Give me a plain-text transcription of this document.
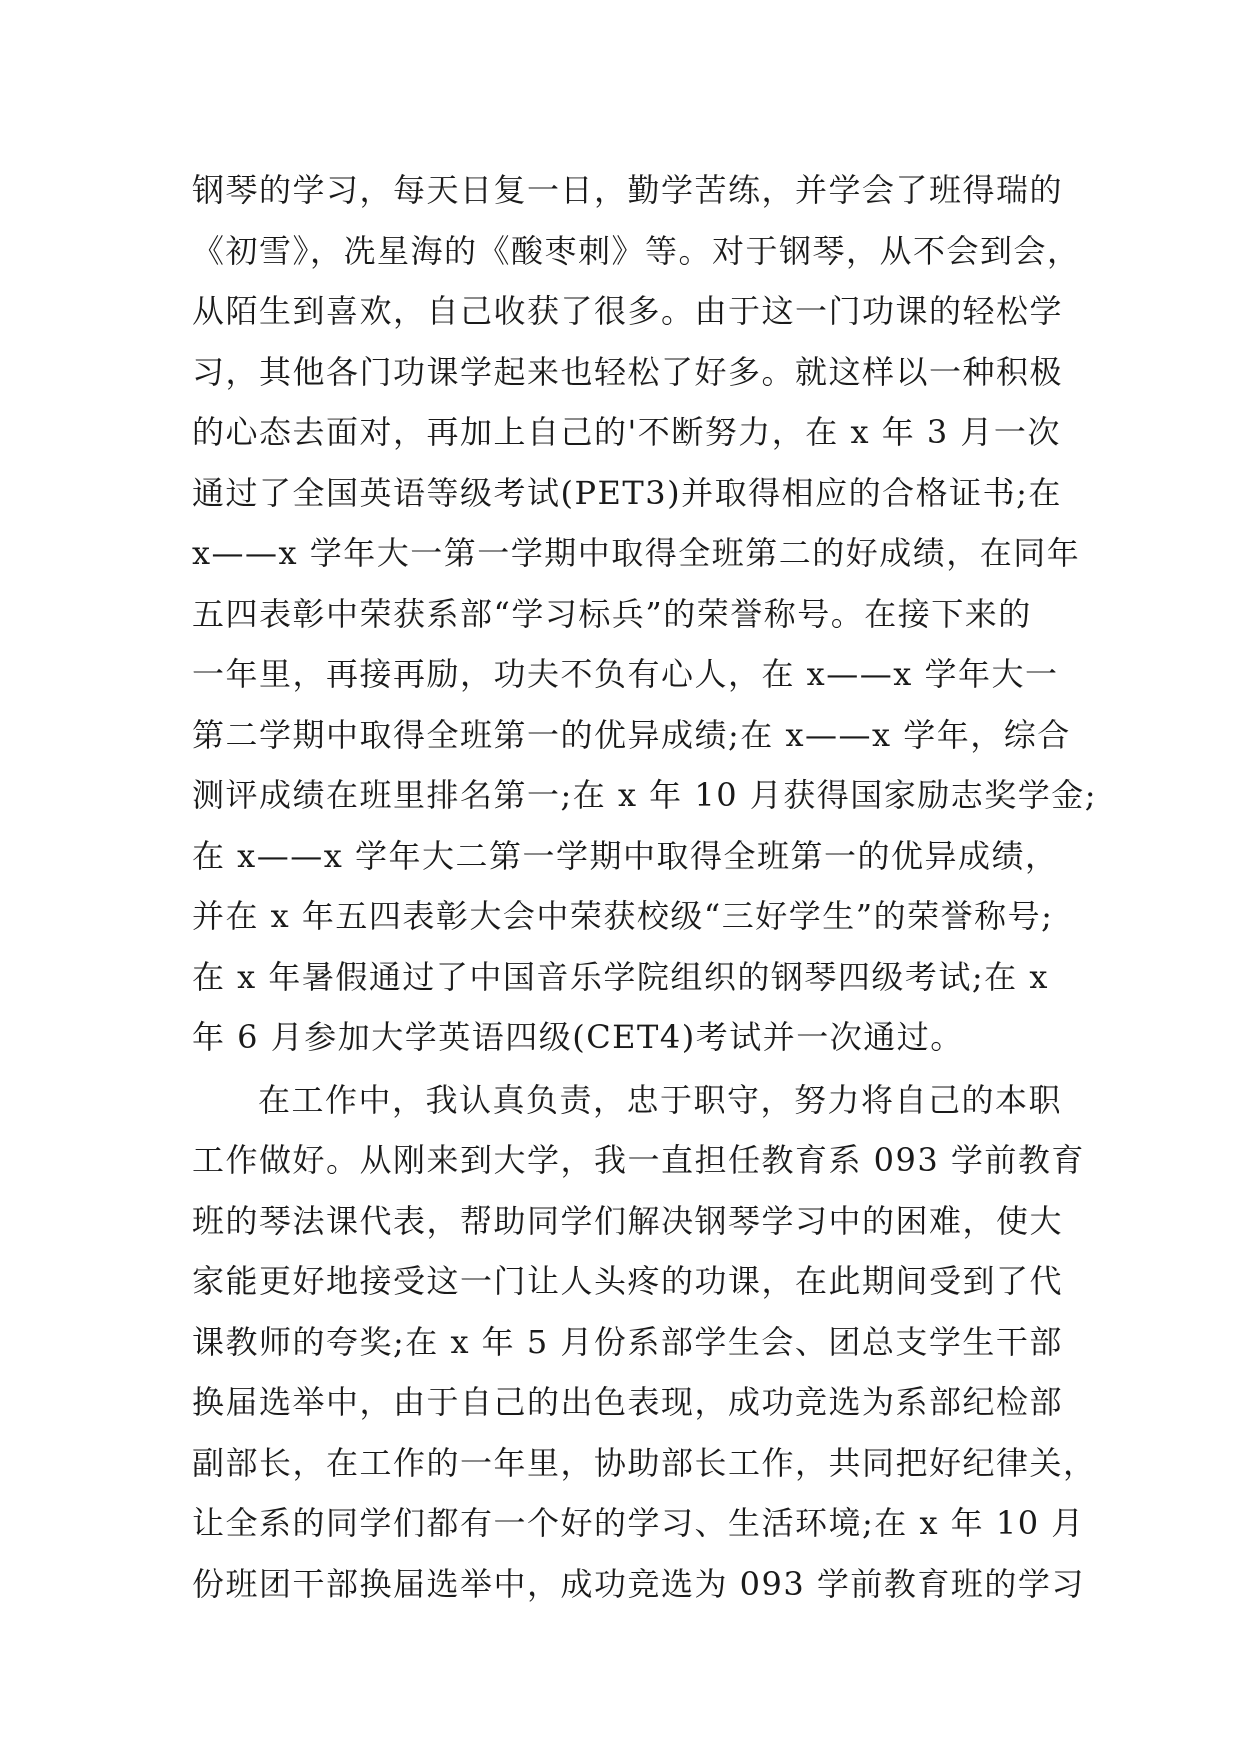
钢琴的学习，每天日复一日，勤学苦练，并学会了班得瑞的
《初雪》，冼星海的《酸枣刺》等。对于钢琴，从不会到会，
从陌生到喜欢，自己收获了很多。由于这一门功课的轻松学
习，其他各门功课学起来也轻松了好多。就这样以一种积极
的心态去面对，再加上自己的'不断努力，在 x 年 3 月一次
通过了全国英语等级考试(PET3)并取得相应的合格证书;在
x——x 学年大一第一学期中取得全班第二的好成绩，在同年
五四表彰中荣获系部“学习标兵”的荣誉称号。在接下来的
一年里，再接再励，功夫不负有心人，在 x——x 学年大一
第二学期中取得全班第一的优异成绩;在 x——x 学年，综合
测评成绩在班里排名第一;在 x 年 10 月获得国家励志奖学金;
在 x——x 学年大二第一学期中取得全班第一的优异成绩，
并在 x 年五四表彰大会中荣获校级“三好学生”的荣誉称号;
在 x 年暑假通过了中国音乐学院组织的钢琴四级考试;在 x
年 6 月参加大学英语四级(CET4)考试并一次通过。
在工作中，我认真负责，忠于职守，努力将自己的本职
工作做好。从刚来到大学，我一直担任教育系 093 学前教育
班的琴法课代表，帮助同学们解决钢琴学习中的困难，使大
家能更好地接受这一门让人头疼的功课，在此期间受到了代
课教师的夸奖;在 x 年 5 月份系部学生会、团总支学生干部
换届选举中，由于自己的出色表现，成功竞选为系部纪检部
副部长，在工作的一年里，协助部长工作，共同把好纪律关，
让全系的同学们都有一个好的学习、生活环境;在 x 年 10 月
份班团干部换届选举中，成功竞选为 093 学前教育班的学习
